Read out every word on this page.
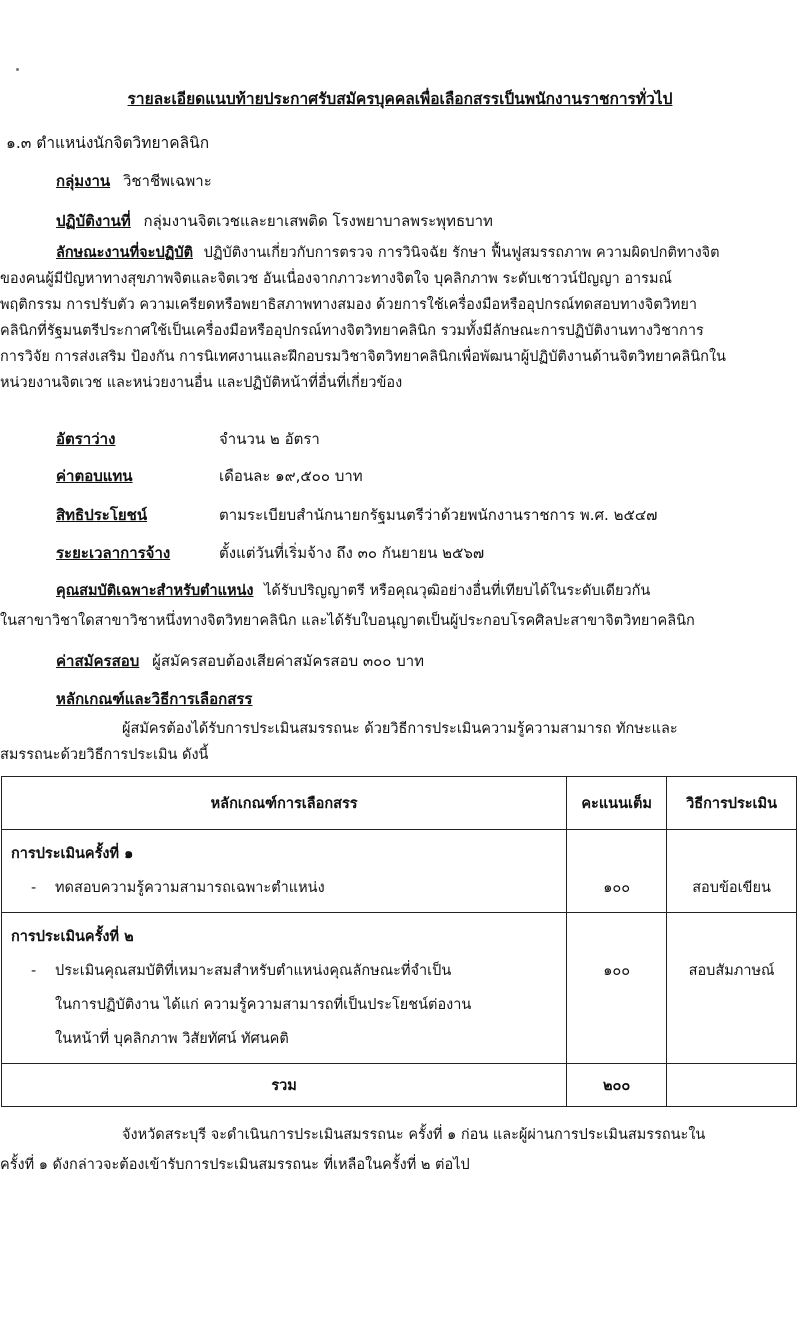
รายละเอียดแนบท้ายประกาศรับสมัครบุคคลเพื่อเลือกสรรเป็นพนักงานราชการทั่วไป
๑.๓ ตำแหน่งนักจิตวิทยาคลินิก
กลุ่มงาน วิชาชีพเฉพาะ
ปฏิบัติงานที่ กลุ่มงานจิตเวชและยาเสพติด โรงพยาบาลพระพุทธบาท
ลักษณะงานที่จะปฏิบัติ ปฏิบัติงานเกี่ยวกับการตรวจ การวินิจฉัย รักษา ฟื้นฟูสมรรถภาพ ความผิดปกติทางจิต
ของคนผู้มีปัญหาทางสุขภาพจิตและจิตเวช อันเนื่องจากภาวะทางจิตใจ บุคลิกภาพ ระดับเชาวน์ปัญญา อารมณ์
พฤติกรรม การปรับตัว ความเครียดหรือพยาธิสภาพทางสมอง ด้วยการใช้เครื่องมือหรืออุปกรณ์ทดสอบทางจิตวิทยา
คลินิกที่รัฐมนตรีประกาศใช้เป็นเครื่องมือหรืออุปกรณ์ทางจิตวิทยาคลินิก รวมทั้งมีลักษณะการปฏิบัติงานทางวิชาการ
การวิจัย การส่งเสริม ป้องกัน การนิเทศงานและฝึกอบรมวิชาจิตวิทยาคลินิกเพื่อพัฒนาผู้ปฏิบัติงานด้านจิตวิทยาคลินิกใน
หน่วยงานจิตเวช และหน่วยงานอื่น และปฏิบัติหน้าที่อื่นที่เกี่ยวข้อง
อัตราว่าง	จำนวน ๒ อัตรา
ค่าตอบแทน	เดือนละ ๑๙,๕๐๐ บาท
สิทธิประโยชน์	ตามระเบียบสำนักนายกรัฐมนตรีว่าด้วยพนักงานราชการ พ.ศ. ๒๕๔๗
ระยะเวลาการจ้าง	ตั้งแต่วันที่เริ่มจ้าง ถึง ๓๐ กันยายน ๒๕๖๗
คุณสมบัติเฉพาะสำหรับตำแหน่ง ได้รับปริญญาตรี หรือคุณวุฒิอย่างอื่นที่เทียบได้ในระดับเดียวกัน
ในสาขาวิชาใดสาขาวิชาหนึ่งทางจิตวิทยาคลินิก และได้รับใบอนุญาตเป็นผู้ประกอบโรคศิลปะสาขาจิตวิทยาคลินิก
ค่าสมัครสอบ ผู้สมัครสอบต้องเสียค่าสมัครสอบ ๓๐๐ บาท
หลักเกณฑ์และวิธีการเลือกสรร
ผู้สมัครต้องได้รับการประเมินสมรรถนะ ด้วยวิธีการประเมินความรู้ความสามารถ ทักษะและ
สมรรถนะด้วยวิธีการประเมิน ดังนี้
หลักเกณฑ์การเลือกสรร	คะแนนเต็ม	วิธีการประเมิน

การประเมินครั้งที่ ๑
- ทดสอบความรู้ความสามารถเฉพาะตำแหน่ง	๑๐๐	สอบข้อเขียน

การประเมินครั้งที่ ๒
- ประเมินคุณสมบัติที่เหมาะสมสำหรับตำแหน่งคุณลักษณะที่จำเป็น
ในการปฏิบัติงาน ได้แก่ ความรู้ความสามารถที่เป็นประโยชน์ต่องาน
ในหน้าที่ บุคลิกภาพ วิสัยทัศน์ ทัศนคติ	๑๐๐	สอบสัมภาษณ์

รวม	๒๐๐	
จังหวัดสระบุรี จะดำเนินการประเมินสมรรถนะ ครั้งที่ ๑ ก่อน และผู้ผ่านการประเมินสมรรถนะใน
ครั้งที่ ๑ ดังกล่าวจะต้องเข้ารับการประเมินสมรรถนะ ที่เหลือในครั้งที่ ๒ ต่อไป
